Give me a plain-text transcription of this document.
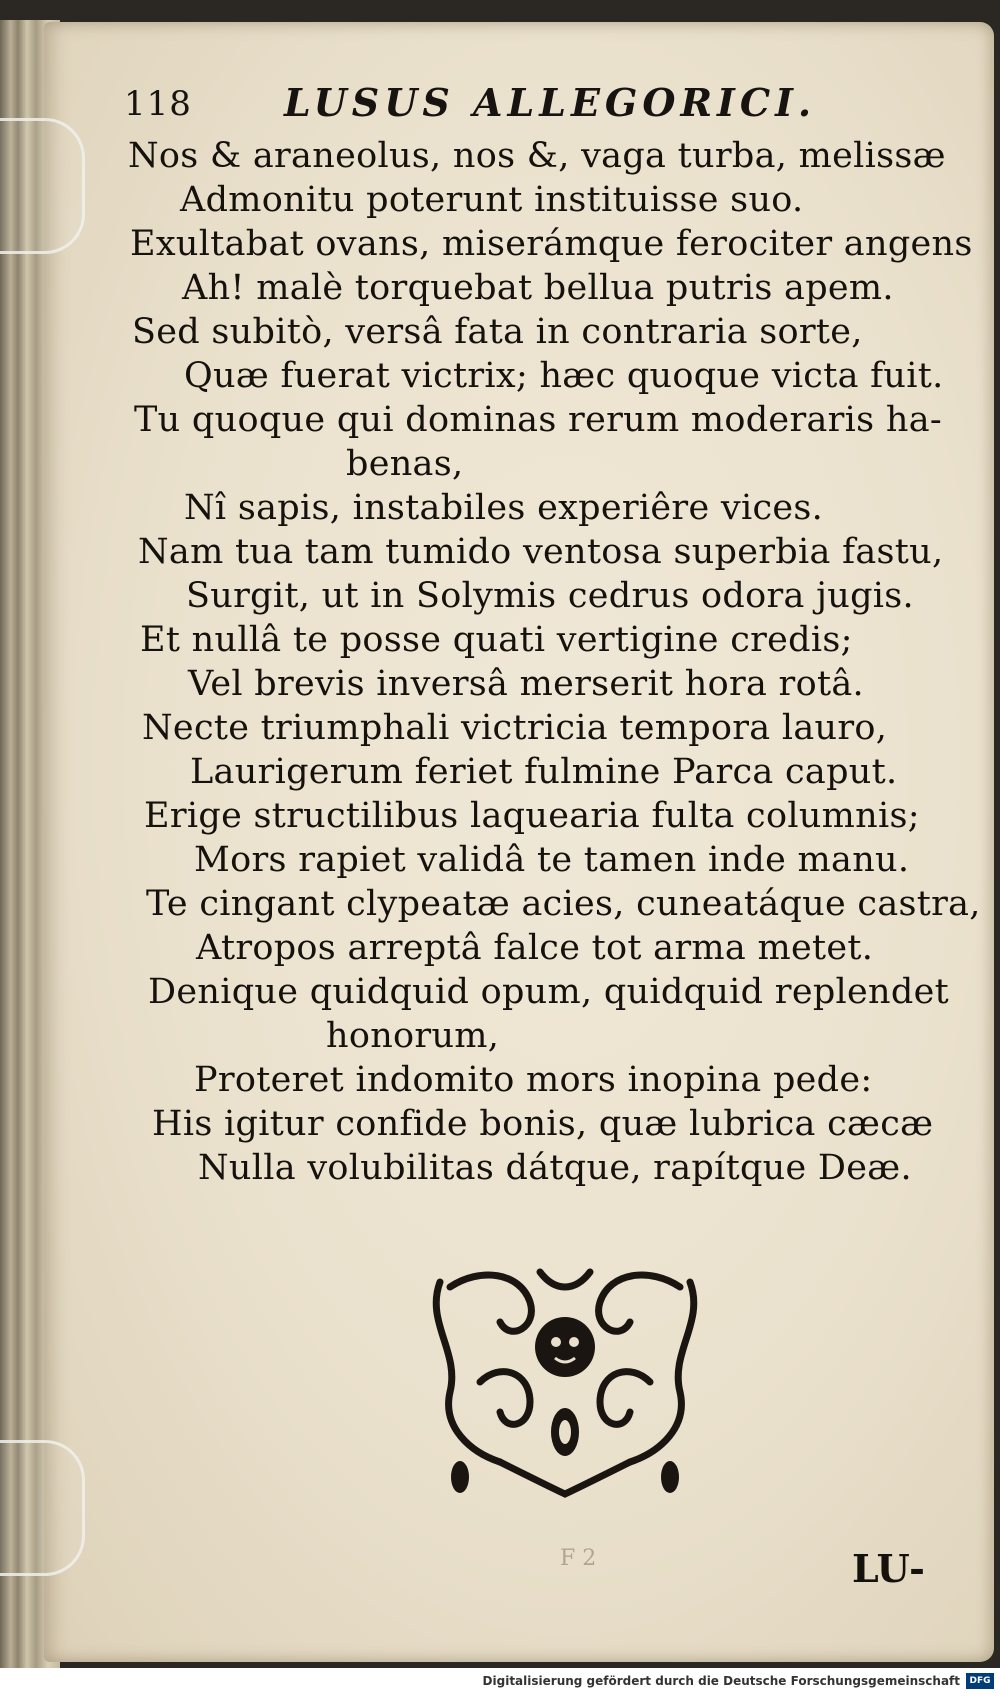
118 LUSUS ALLEGORICI.
Nos & araneolus, nos &, vaga turba, melissæ
Admonitu poterunt instituisse suo.
Exultabat ovans, miserámque ferociter angens
Ah! malè torquebat bellua putris apem.
Sed subitò, versâ fata in contraria sorte,
Quæ fuerat victrix; hæc quoque victa fuit.
Tu quoque qui dominas rerum moderaris ha-
benas,
Nî sapis, instabiles experiêre vices.
Nam tua tam tumido ventosa superbia fastu,
Surgit, ut in Solymis cedrus odora jugis.
Et nullâ te posse quati vertigine credis;
Vel brevis inversâ merserit hora rotâ.
Necte triumphali victricia tempora lauro,
Laurigerum feriet fulmine Parca caput.
Erige structilibus laquearia fulta columnis;
Mors rapiet validâ te tamen inde manu.
Te cingant clypeatæ acies, cuneatáque castra,
Atropos arreptâ falce tot arma metet.
Denique quidquid opum, quidquid replendet
honorum,
Proteret indomito mors inopina pede:
His igitur confide bonis, quæ lubrica cæcæ
Nulla volubilitas dátque, rapítque Deæ.
F 2	LU-
Digitalisierung gefördert durch die Deutsche Forschungsgemeinschaft	DFG
